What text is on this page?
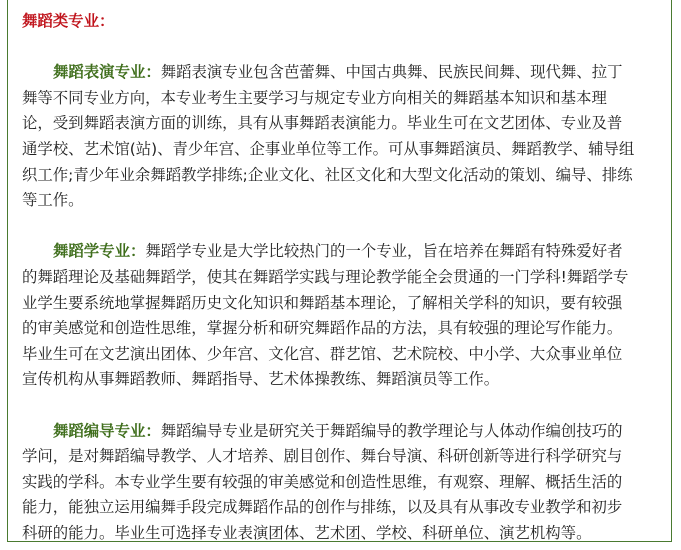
舞蹈类专业：
舞蹈表演专业：舞蹈表演专业包含芭蕾舞、中国古典舞、民族民间舞、现代舞、拉丁
舞等不同专业方向，本专业考生主要学习与规定专业方向相关的舞蹈基本知识和基本理
论，受到舞蹈表演方面的训练，具有从事舞蹈表演能力。毕业生可在文艺团体、专业及普
通学校、艺术馆(站)、青少年宫、企事业单位等工作。可从事舞蹈演员、舞蹈教学、辅导组
织工作;青少年业余舞蹈教学排练;企业文化、社区文化和大型文化活动的策划、编导、排练
等工作。
舞蹈学专业：舞蹈学专业是大学比较热门的一个专业，旨在培养在舞蹈有特殊爱好者
的舞蹈理论及基础舞蹈学，使其在舞蹈学实践与理论教学能全会贯通的一门学科!舞蹈学专
业学生要系统地掌握舞蹈历史文化知识和舞蹈基本理论，了解相关学科的知识，要有较强
的审美感觉和创造性思维，掌握分析和研究舞蹈作品的方法，具有较强的理论写作能力。
毕业生可在文艺演出团体、少年宫、文化宫、群艺馆、艺术院校、中小学、大众事业单位
宣传机构从事舞蹈教师、舞蹈指导、艺术体操教练、舞蹈演员等工作。
舞蹈编导专业：舞蹈编导专业是研究关于舞蹈编导的教学理论与人体动作编创技巧的
学问，是对舞蹈编导教学、人才培养、剧目创作、舞台导演、科研创新等进行科学研究与
实践的学科。本专业学生要有较强的审美感觉和创造性思维，有观察、理解、概括生活的
能力，能独立运用编舞手段完成舞蹈作品的创作与排练，以及具有从事改专业教学和初步
科研的能力。毕业生可选择专业表演团体、艺术团、学校、科研单位、演艺机构等。
